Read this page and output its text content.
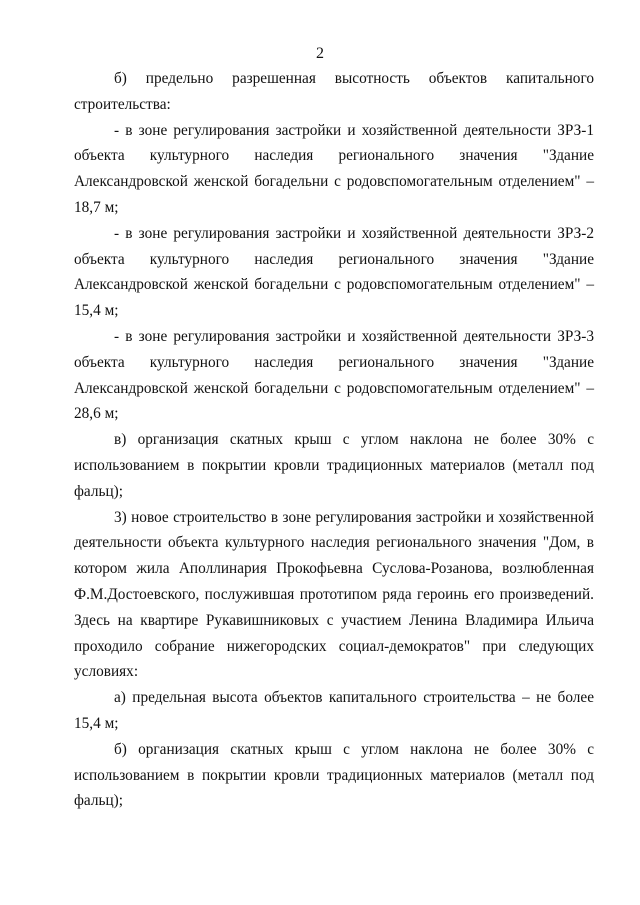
2

б) предельно разрешенная высотность объектов капитального строительства:

- в зоне регулирования застройки и хозяйственной деятельности ЗРЗ-1 объекта культурного наследия регионального значения "Здание Александровской женской богадельни с родовспомогательным отделением" – 18,7 м;

- в зоне регулирования застройки и хозяйственной деятельности ЗРЗ-2 объекта культурного наследия регионального значения "Здание Александровской женской богадельни с родовспомогательным отделением" – 15,4 м;

- в зоне регулирования застройки и хозяйственной деятельности ЗРЗ-3 объекта культурного наследия регионального значения "Здание Александровской женской богадельни с родовспомогательным отделением" – 28,6 м;

в) организация скатных крыш с углом наклона не более 30% с использованием в покрытии кровли традиционных материалов (металл под фальц);

3) новое строительство в зоне регулирования застройки и хозяйственной деятельности объекта культурного наследия регионального значения "Дом, в котором жила Аполлинария Прокофьевна Суслова-Розанова, возлюбленная Ф.М.Достоевского, послужившая прототипом ряда героинь его произведений. Здесь на квартире Рукавишниковых с участием Ленина Владимира Ильича проходило собрание нижегородских социал-демократов" при следующих условиях:

а) предельная высота объектов капитального строительства – не более 15,4 м;

б) организация скатных крыш с углом наклона не более 30% с использованием в покрытии кровли традиционных материалов (металл под фальц);
